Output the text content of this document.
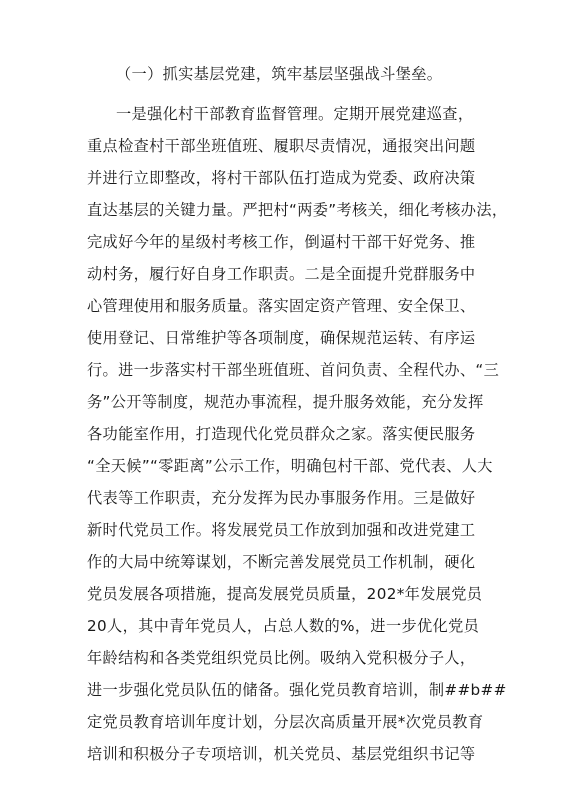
（一）抓实基层党建，筑牢基层坚强战斗堡垒。
一是强化村干部教育监督管理。定期开展党建巡查，
重点检查村干部坐班值班、履职尽责情况，通报突出问题
并进行立即整改，将村干部队伍打造成为党委、政府决策
直达基层的关键力量。严把村“两委”考核关，细化考核办法，
完成好今年的星级村考核工作，倒逼村干部干好党务、推
动村务，履行好自身工作职责。二是全面提升党群服务中
心管理使用和服务质量。落实固定资产管理、安全保卫、
使用登记、日常维护等各项制度，确保规范运转、有序运
行。进一步落实村干部坐班值班、首问负责、全程代办、“三
务”公开等制度，规范办事流程，提升服务效能，充分发挥
各功能室作用，打造现代化党员群众之家。落实便民服务
“全天候”“零距离”公示工作，明确包村干部、党代表、人大
代表等工作职责，充分发挥为民办事服务作用。三是做好
新时代党员工作。将发展党员工作放到加强和改进党建工
作的大局中统筹谋划，不断完善发展党员工作机制，硬化
党员发展各项措施，提高发展党员质量，202*年发展党员
20人，其中青年党员人，占总人数的%，进一步优化党员
年龄结构和各类党组织党员比例。吸纳入党积极分子人，
进一步强化党员队伍的储备。强化党员教育培训，制##b##
定党员教育培训年度计划，分层次高质量开展*次党员教育
培训和积极分子专项培训，机关党员、基层党组织书记等
